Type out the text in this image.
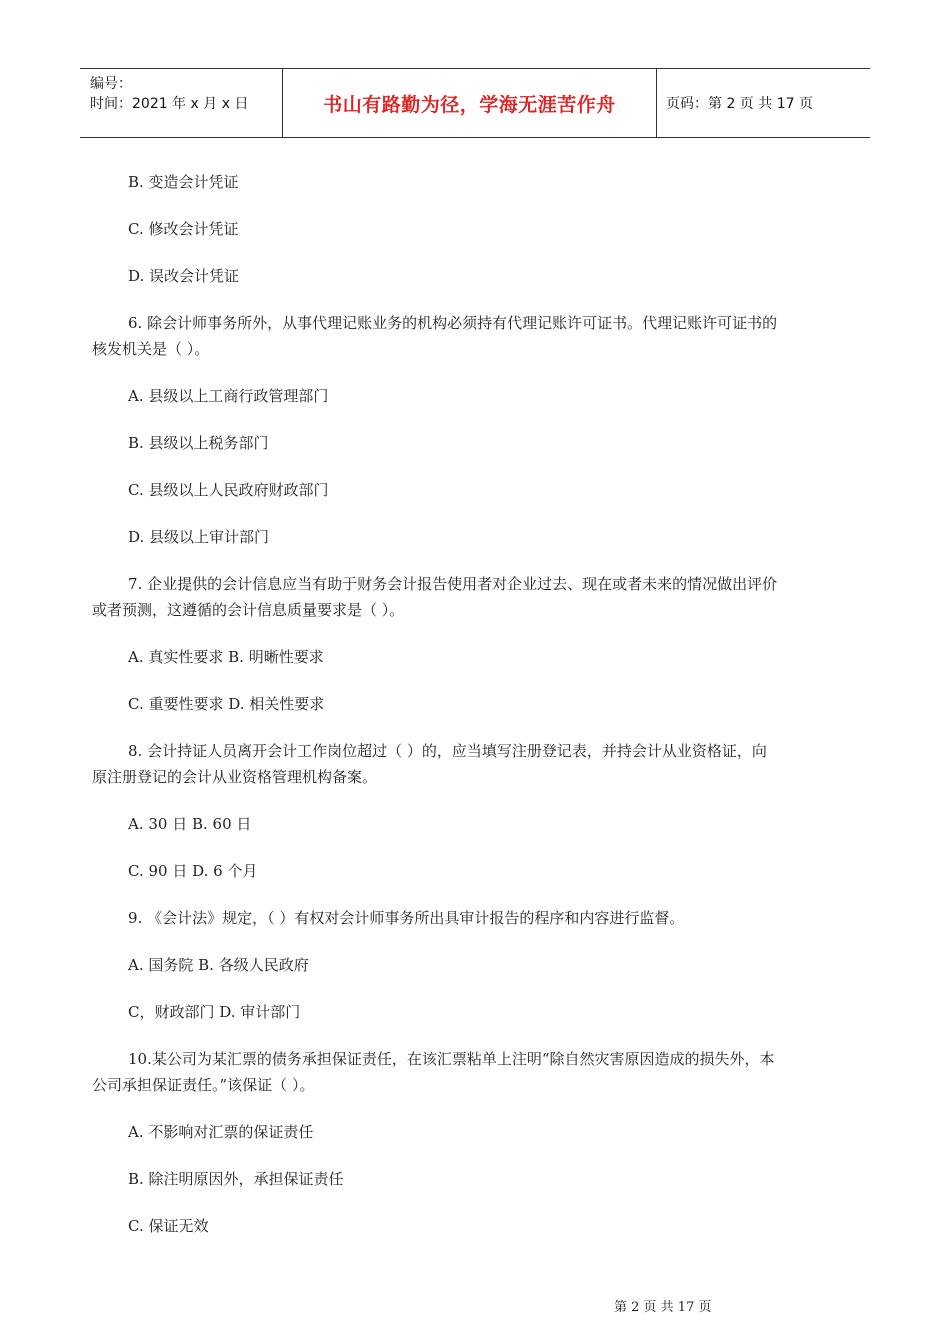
编号：
时间：2021 年 x 月 x 日	书山有路勤为径，学海无涯苦作舟	页码：第 2 页 共 17 页
B. 变造会计凭证
C. 修改会计凭证
D. 误改会计凭证
6. 除会计师事务所外，从事代理记账业务的机构必须持有代理记账许可证书。代理记账许可证书的
核发机关是（ ）。
A. 县级以上工商行政管理部门
B. 县级以上税务部门
C. 县级以上人民政府财政部门
D. 县级以上审计部门
7. 企业提供的会计信息应当有助于财务会计报告使用者对企业过去、现在或者未来的情况做出评价
或者预测，这遵循的会计信息质量要求是（ ）。
A. 真实性要求 B. 明晰性要求
C. 重要性要求 D. 相关性要求
8. 会计持证人员离开会计工作岗位超过（ ）的，应当填写注册登记表，并持会计从业资格证，向
原注册登记的会计从业资格管理机构备案。
A. 30 日 B. 60 日
C. 90 日 D. 6 个月
9. 《会计法》规定，（ ）有权对会计师事务所出具审计报告的程序和内容进行监督。
A. 国务院 B. 各级人民政府
C，财政部门 D. 审计部门
10.某公司为某汇票的债务承担保证责任，在该汇票粘单上注明“除自然灾害原因造成的损失外，本
公司承担保证责任。”该保证（ ）。
A. 不影响对汇票的保证责任
B. 除注明原因外，承担保证责任
C. 保证无效
第 2 页 共 17 页
